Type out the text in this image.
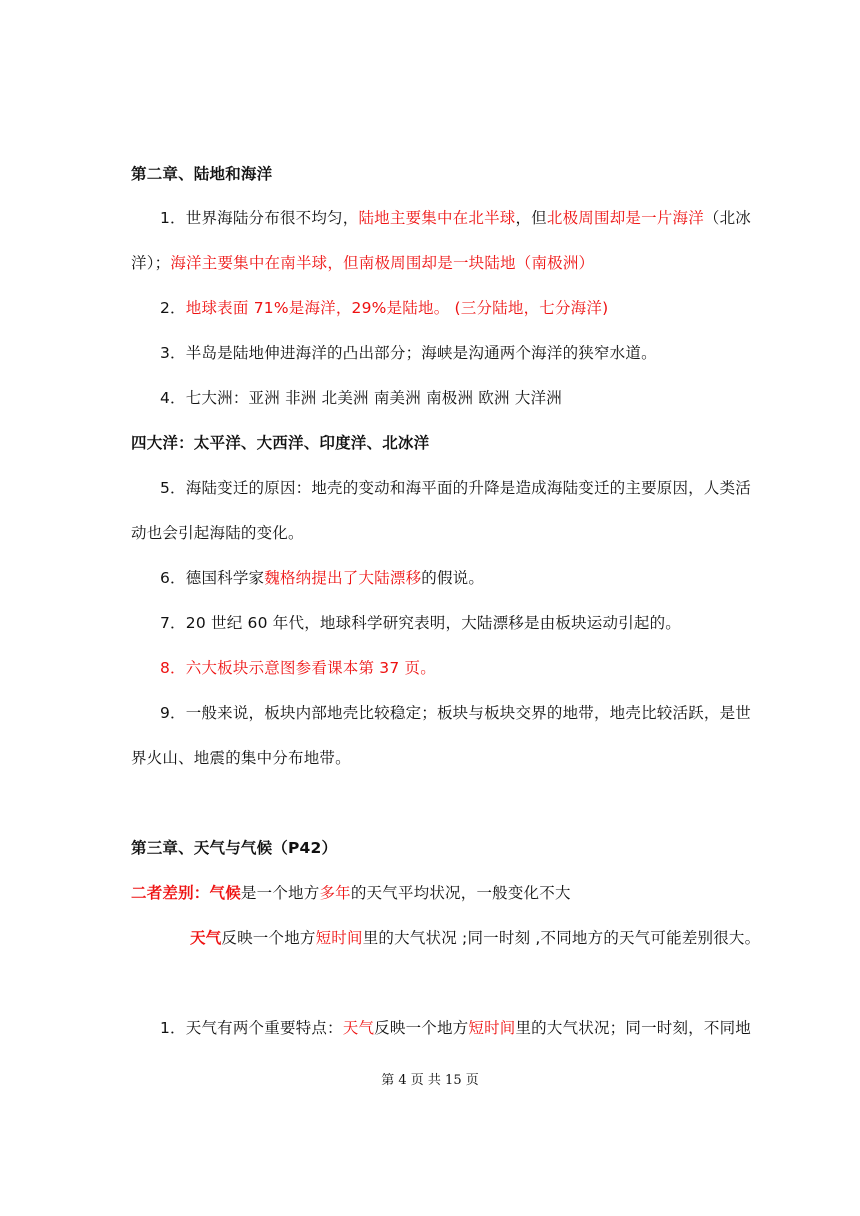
第二章、陆地和海洋
1．世界海陆分布很不均匀，陆地主要集中在北半球，但北极周围却是一片海洋（北冰
洋）；海洋主要集中在南半球，但南极周围却是一块陆地（南极洲）
2．地球表面 71%是海洋，29%是陆地。 (三分陆地，七分海洋)
3．半岛是陆地伸进海洋的凸出部分；海峡是沟通两个海洋的狭窄水道。
4．七大洲：亚洲 非洲 北美洲 南美洲 南极洲 欧洲 大洋洲
四大洋：太平洋、大西洋、印度洋、北冰洋
5．海陆变迁的原因：地壳的变动和海平面的升降是造成海陆变迁的主要原因，人类活
动也会引起海陆的变化。
6．德国科学家魏格纳提出了大陆漂移的假说。
7．20 世纪 60 年代，地球科学研究表明，大陆漂移是由板块运动引起的。
8．六大板块示意图参看课本第 37 页。
9．一般来说，板块内部地壳比较稳定；板块与板块交界的地带，地壳比较活跃，是世
界火山、地震的集中分布地带。
第三章、天气与气候（P42）
二者差别：气候是一个地方多年的天气平均状况，一般变化不大
天气反映一个地方短时间里的大气状况 ;同一时刻 ,不同地方的天气可能差别很大。
1．天气有两个重要特点：天气反映一个地方短时间里的大气状况；同一时刻，不同地
第 4 页 共 15 页
